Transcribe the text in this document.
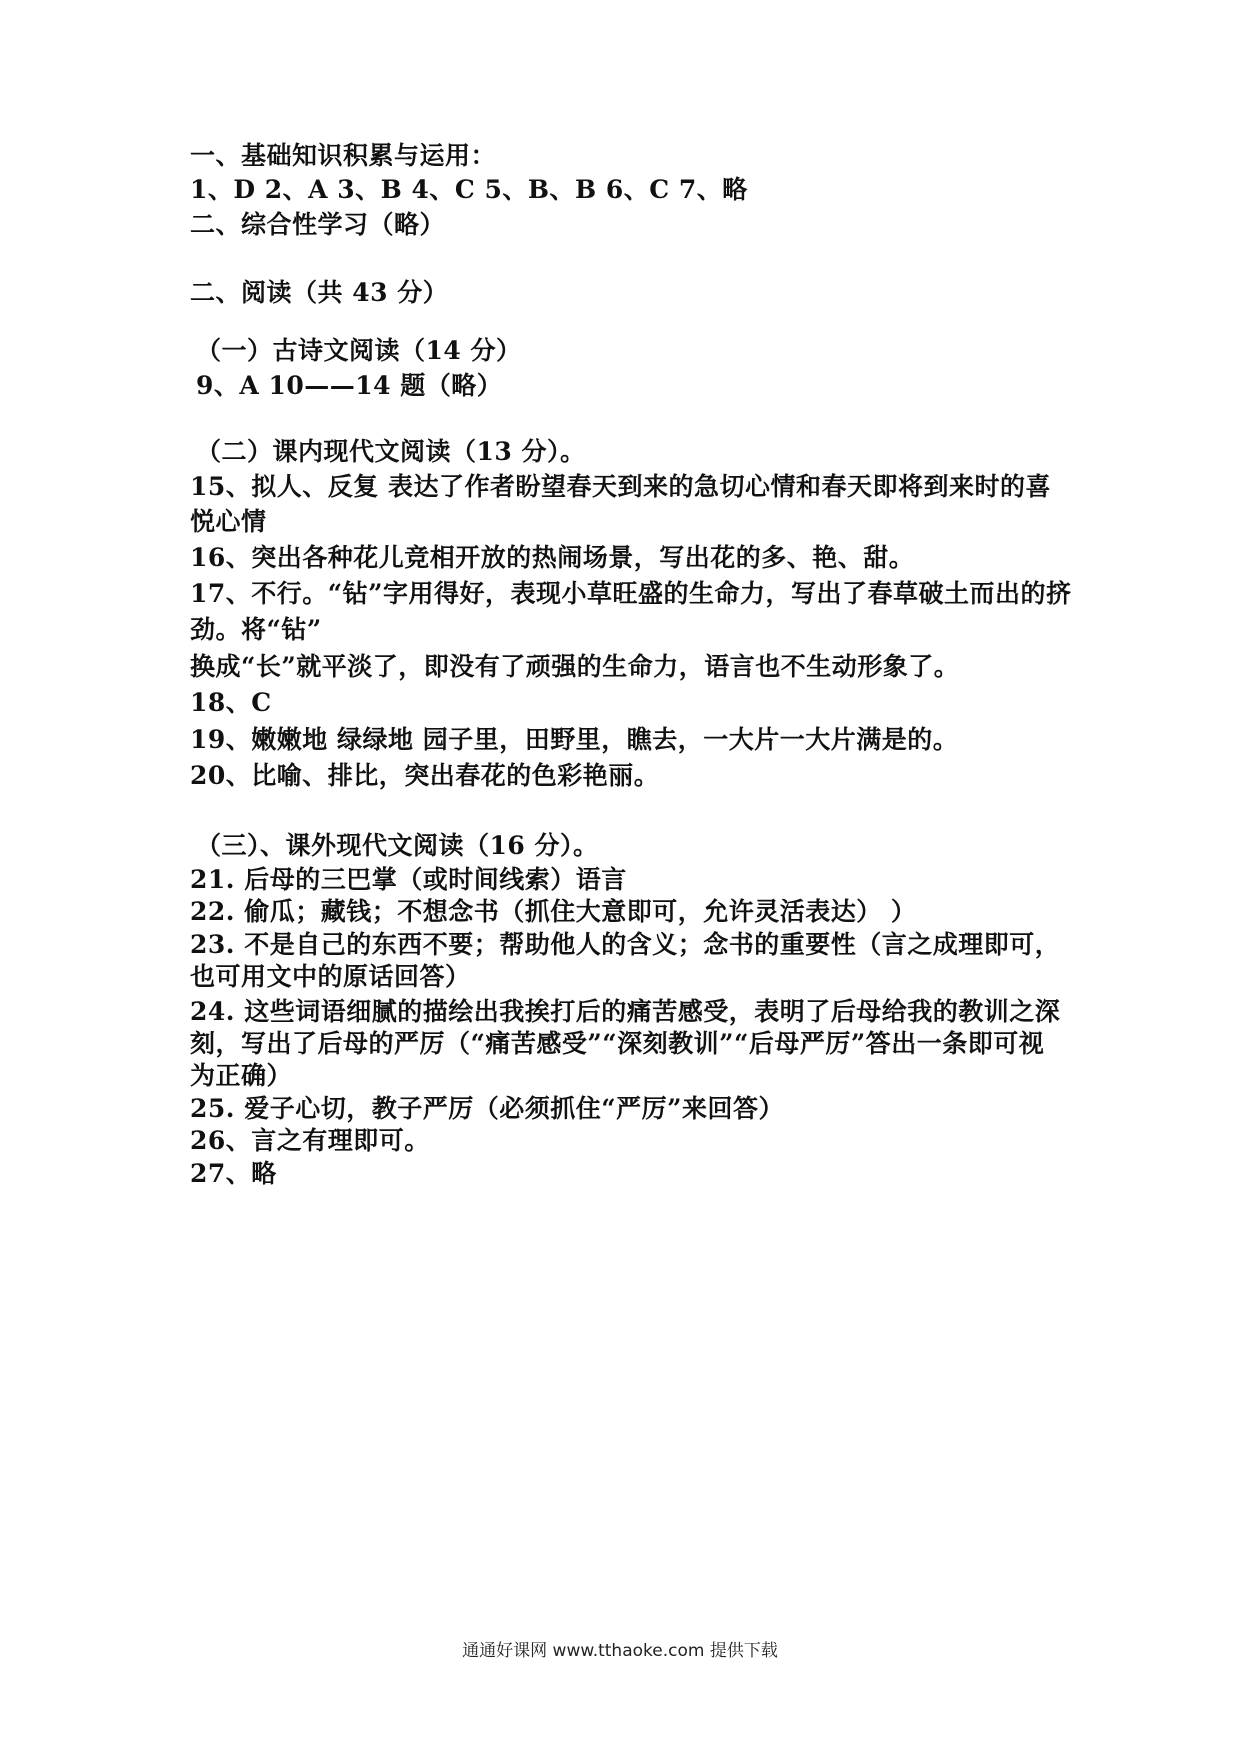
一、基础知识积累与运用：
1、D 2、A 3、B 4、C 5、B、B 6、C 7、略
二、综合性学习（略）
二、阅读（共 43 分）
（一）古诗文阅读（14 分）
9、A 10——14 题（略）
（二）课内现代文阅读（13 分）。
15、拟人、反复 表达了作者盼望春天到来的急切心情和春天即将到来时的喜
悦心情
16、突出各种花儿竞相开放的热闹场景，写出花的多、艳、甜。
17、不行。“钻”字用得好，表现小草旺盛的生命力，写出了春草破土而出的挤
劲。将“钻”
换成“长”就平淡了，即没有了顽强的生命力，语言也不生动形象了。
18、C
19、嫩嫩地 绿绿地 园子里，田野里，瞧去，一大片一大片满是的。
20、比喻、排比，突出春花的色彩艳丽。
（三）、课外现代文阅读（16 分）。
21. 后母的三巴掌（或时间线索）语言
22. 偷瓜；藏钱；不想念书（抓住大意即可，允许灵活表达） ）
23. 不是自己的东西不要；帮助他人的含义；念书的重要性（言之成理即可，
也可用文中的原话回答）
24. 这些词语细腻的描绘出我挨打后的痛苦感受，表明了后母给我的教训之深
刻，写出了后母的严厉（“痛苦感受”“深刻教训”“后母严厉”答出一条即可视
为正确）
25. 爱子心切，教子严厉（必须抓住“严厉”来回答）
26、言之有理即可。
27、略
通通好课网 www.tthaoke.com 提供下载
